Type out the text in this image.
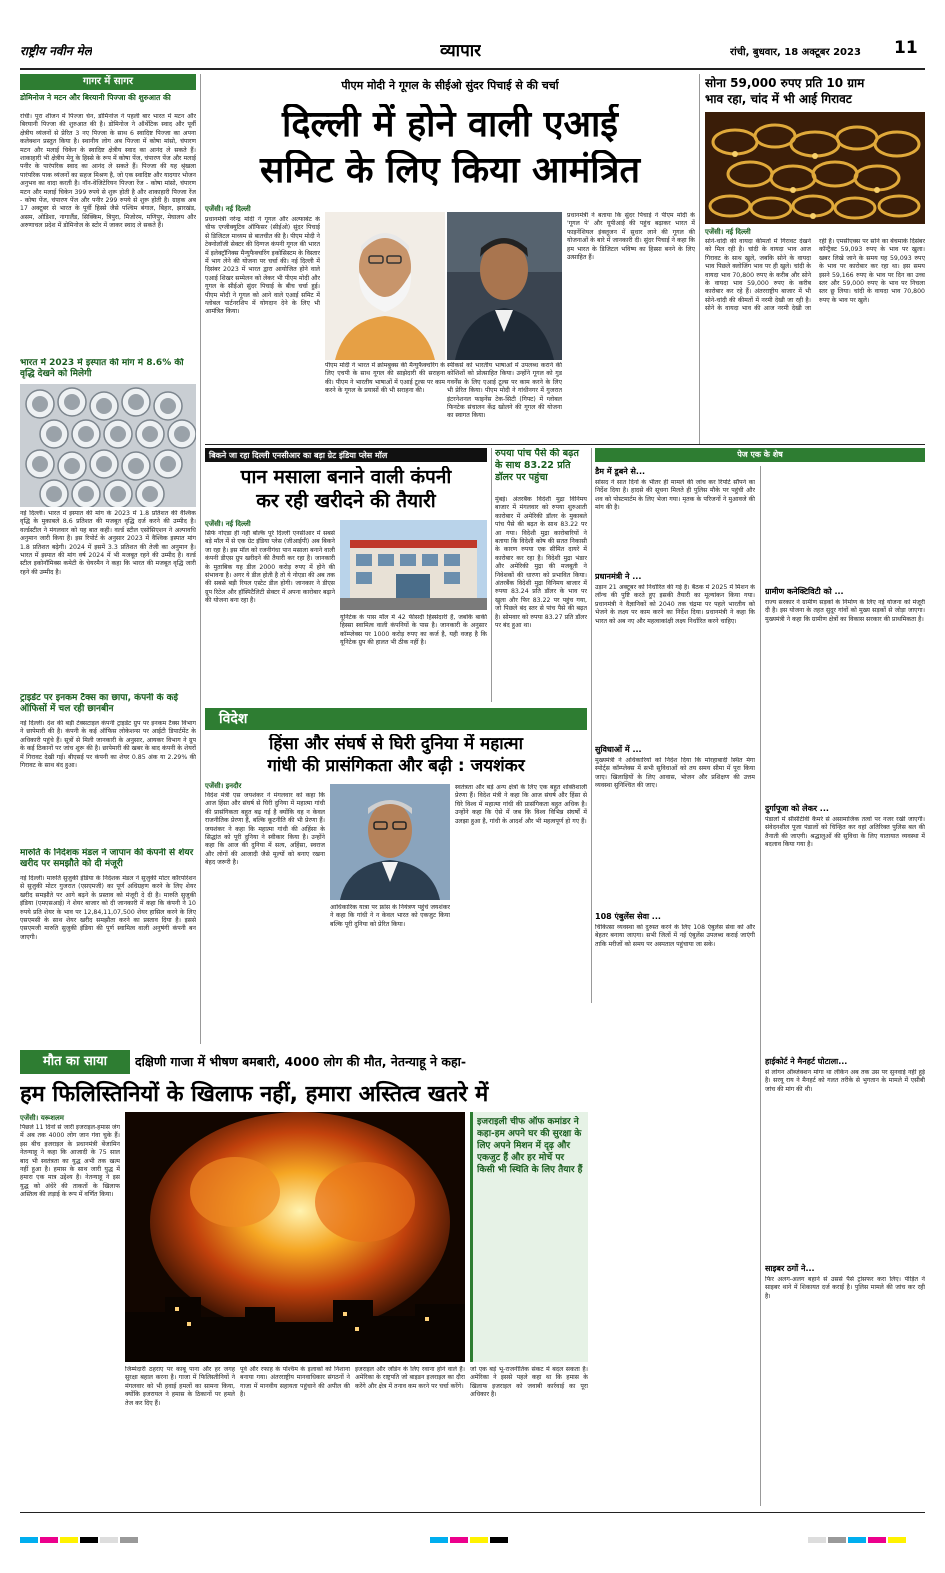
राष्ट्रीय नवीन मेल	व्यापार	रांची, बुधवार, 18 अक्टूबर 2023 11
गागर में सागर
डोमिनोज ने मटन और बिरयानी पिज्जा की शुरुआत की
रांची। पूरा शीजन में पिज्जा चेन, डोमिनोज ने पहली बार भारत में मटन और बिरयानी पिज्जा की शुरुआत की है। डोमिनोज ने ऑथेंटिक स्वाद और पूर्वी क्षेत्रीय व्यंजनों से प्रेरित 3 नए पिज्जा के साथ 6 स्वादिष्ट पिज्जा का अपना कलेक्शन प्रस्तुत किया है। स्थानीय लोग अब पिज्जा में कोषा मांसो, चंपारण मटन और मलाई चिकेन के स्वादिष्ट क्षेत्रीय स्वाद का आनंद ले सकते हैं। शाकाहारी भी क्षेत्रीय मेनू के हिस्से के रूप में कोषा पेंज, चंपारण पेंज और मलाई पनीर के पारंपरिक स्वाद का आनंद ले सकते हैं। पिज्जा की यह श्रृंखला पारंपरिक पाक व्यंजनों का सहज मिश्रण है, जो एक स्वादिष्ट और यादगार भोजन अनुभव का वादा करती है। नॉन-वेजिटेरियन पिज्जा रेंज - कोषा मांसो, चंपारण मटन और मलाई चिकेन 399 रुपये से शुरू होती है और शाकाहारी पिज्जा रेंज - कोषा पेंज, चंपारण पेंज और पनीर 299 रुपये से शुरू होती है। ग्राहक अब 17 अक्टूबर से भारत के पूर्वी हिस्से जैसे पश्चिम बंगाल, बिहार, झारखंड, असम, ओडिशा, नागालैंड, सिक्किम, त्रिपुरा, मिजोरम, मणिपुर, मेघालय और अरुणाचल प्रदेश में डोमिनोज के स्टोर में जाकर स्वाद ले सकते हैं।
भारत में 2023 में इस्पात की मांग में 8.6% की वृद्धि देखने को मिलेगी
नई दिल्ली। भारत में इस्पात की मांग के 2023 में 1.8 प्रतिशत की वैश्विक वृद्धि के मुकाबले 8.6 प्रतिशत की मजबूत वृद्धि दर्ज करने की उम्मीद है। वर्ल्डस्टील ने मंगलवार को यह बात कही। वर्ल्ड स्टील एसोसिएशन ने अल्पावधि अनुमान जारी किया है। इस रिपोर्ट के अनुसार 2023 में वैश्विक इस्पात मांग 1.8 प्रतिशत बढ़ेगी। 2024 में इसमें 3.3 प्रतिशत की तेजी का अनुमान है। भारत में इस्पात की मांग वर्ष 2024 में भी मजबूत रहने की उम्मीद है। वर्ल्ड स्टील इकोनॉमिक्स कमेटी के चेयरमैन ने कहा कि भारत की मजबूत वृद्धि जारी रहने की उम्मीद है।
ट्राइडेंट पर इनकम टैक्स का छापा, कंपनी के कई ऑफिसों में चल रही छानबीन
नई दिल्ली। देश की बड़ी टेक्सटाइल कंपनी ट्राइडेंट ग्रुप पर इनकम टैक्स विभाग ने छापेमारी की है। कंपनी के कई ऑफिस लोकेशन्स पर आईटी डिपार्टमेंट के अधिकारी पहुंचे हैं। सूत्रों से मिली जानकारी के अनुसार, आयकर विभाग ने ग्रुप के कई ठिकानों पर जांच शुरू की है। छापेमारी की खबर के बाद कंपनी के शेयरों में गिरावट देखी गई। बीएसई पर कंपनी का शेयर 0.85 अंक या 2.29% की गिरावट के साथ बंद हुआ।
मारुति के निदेशक मंडल ने जापान की कंपनी से शेयर खरीद पर समझौते को दी मंजूरी
नई दिल्ली। मारुति सुजुकी इंडिया के निदेशक मंडल ने सुजुकी मोटर कॉरपोरेशन से सुजुकी मोटर गुजरात (एसएमजी) का पूर्ण अधिग्रहण करने के लिए शेयर खरीद समझौते पर आगे बढ़ने के प्रस्ताव को मंजूरी दे दी है। मारुति सुजुकी इंडिया (एमएसआई) ने शेयर बाजार को दी जानकारी में कहा कि कंपनी ने 10 रुपये प्रति शेयर के भाव पर 12,84,11,07,500 शेयर हासिल करने के लिए एसएमसी के साथ शेयर खरीद समझौता करने का प्रस्ताव दिया है। इससे एसएमजी मारुति सुजुकी इंडिया की पूर्ण स्वामित्व वाली अनुषंगी कंपनी बन जाएगी।
पीएम मोदी ने गूगल के सीईओ सुंदर पिचाई से की चर्चा
दिल्ली में होने वाली एआई
समिट के लिए किया आमंत्रित
एजेंसी। नई दिल्ली
प्रधानमंत्री नरेन्द्र मोदी ने गूगल और अल्फाबेट के चीफ एग्जीक्यूटिव ऑफिसर (सीईओ) सुंदर पिचाई से डिजिटल माध्यम से बातचीत की है। पीएम मोदी ने टेक्नोलॉजी सेक्टर की दिग्गज कंपनी गूगल की भारत में इलेक्ट्रॉनिक्स मैन्युफैक्चरिंग इकोसिस्टम के विस्तार में भाग लेने की योजना पर चर्चा की। नई दिल्ली में दिसंबर 2023 में भारत द्वारा आयोजित होने वाले एआई शिखर सम्मेलन को लेकर भी पीएम मोदी और गूगल के सीईओ सुंदर पिचाई के बीच चर्चा हुई। पीएम मोदी ने गूगल को आने वाले एआई समिट में ग्लोबल पार्टनरशिप में योगदान देने के लिए भी आमंत्रित किया।
पीएम मोदी ने भारत में क्रोमबुक्स की मैन्युफैक्चरिंग के लिए एचपी के साथ गूगल की साझेदारी की सराहना की। पीएम ने भारतीय भाषाओं में एआई टूल्स पर काम करने के गूगल के प्रयासों की भी सराहना की।
स्पीकर्स को भारतीय भाषाओं में उपलब्ध कराने की कोशिशों को प्रोत्साहित किया। उन्होंने गूगल को गुड गवर्नेंस के लिए एआई टूल्स पर काम करने के लिए भी प्रेरित किया। पीएम मोदी ने गांधीनगर में गुजरात इंटरनेशनल फाइनेंस टेक-सिटी (गिफ्ट) में ग्लोबल फिनटेक संचालन केंद्र खोलने की गूगल की योजना का स्वागत किया।
प्रधानमंत्री ने बताया कि सुंदर पिचाई ने पीएम मोदी के 'गूगल पे' और यूपीआई की पहुंच बढ़ाकर भारत में फाइनेंशियल इंक्लूजन में सुधार लाने की गूगल की योजनाओं के बारे में जानकारी दी। सुंदर पिचाई ने कहा कि हम भारत के डिजिटल भविष्य का हिस्सा बनने के लिए उत्साहित हैं।
सोना 59,000 रुपए प्रति 10 ग्राम
भाव रहा, चांद में भी आई गिरावट
एजेंसी। नई दिल्ली
सोने-चांदी की वायदा कीमतों में गिरावट देखने को मिल रही है। चांदी के वायदा भाव आज गिरावट के साथ खुले, जबकि सोने के वायदा भाव पिछले क्लोजिंग भाव पर ही खुले। चांदी के वायदा भाव 70,800 रुपए के करीब और सोने के वायदा भाव 59,000 रुपए के करीब कारोबार कर रहे हैं। अंतरराष्ट्रीय बाजार में भी सोने-चांदी की कीमतों में नरमी देखी जा रही है। सोने के वायदा भाव की आज नरमी देखी जा रही है। एमसीएक्स पर सोने का बेंचमार्क दिसंबर कॉन्ट्रैक्ट 59,093 रुपए के भाव पर खुला। खबर लिखे जाने के समय यह 59,093 रुपए के भाव पर कारोबार कर रहा था। इस समय इसने 59,166 रुपए के भाव पर दिन का उच्च स्तर और 59,000 रुपए के भाव पर निचला स्तर छू लिया। चांदी के वायदा भाव 70,800 रुपए के भाव पर खुले।
बिकने जा रहा दिल्ली एनसीआर का बड़ा ग्रेट इंडिया प्लेस मॉल
पान मसाला बनाने वाली कंपनी
कर रही खरीदने की तैयारी
एजेंसी। नई दिल्ली
सिर्फ नोएडा ही नहीं बल्कि पूरे दिल्ली एनसीआर में सबसे बड़े मॉल में से एक ग्रेट इंडिया प्लेस (जीआईपी) अब बिकने जा रहा है। इस मॉल को रजनीगंधा पान मसाला बनाने वाली कंपनी डीएस ग्रुप खरीदने की तैयारी कर रहा है। जानकारी के मुताबिक यह डील 2000 करोड़ रुपए में होने की संभावना है। अगर ये डील होती है तो ये नोएडा की अब तक की सबसे बड़ी रियल एस्टेट डील होगी। जानकार ने डीएस ग्रुप रिटेल और हॉस्पिटैलिटी सेक्टर में अपना कारोबार बढ़ाने की योजना बना रहा है।
यूनिटेक के पास मॉल में 42 फीसदी हिस्सेदारी है, जबकि बाकी हिस्सा स्वामित्व वाली कंपनियों के पास है। जानकारी के अनुसार कॉम्प्लेक्स पर 1000 करोड़ रुपए का कर्ज है, यही वजह है कि यूनिटेक ग्रुप की हालत भी ठीक नहीं है।
रुपया पांच पैसे की बढ़त के साथ 83.22 प्रति डॉलर पर पहुंचा
मुंबई। अंतरबैंक विदेशी मुद्रा विनिमय बाजार में मंगलवार को रुपया शुरुआती कारोबार में अमेरिकी डॉलर के मुकाबले पांच पैसे की बढ़त के साथ 83.22 पर आ गया। विदेशी मुद्रा कारोबारियों ने बताया कि विदेशी कोष की सतत निकासी के कारण रुपया एक सीमित दायरे में कारोबार कर रहा है। विदेशी मुद्रा भंडार और अमेरिकी मुद्रा की मजबूती ने निवेशकों की धारणा को प्रभावित किया। अंतरबैंक विदेशी मुद्रा विनिमय बाजार में रुपया 83.24 प्रति डॉलर के भाव पर खुला और फिर 83.22 पर पहुंच गया, जो पिछले बंद स्तर से पांच पैसे की बढ़त है। सोमवार को रुपया 83.27 प्रति डॉलर पर बंद हुआ था।
विदेश
हिंसा और संघर्ष से घिरी दुनिया में महात्मा
गांधी की प्रासंगिकता और बढ़ी : जयशंकर
एजेंसी। इनदौर
विदेश मंत्री एस जयशंकर ने मंगलवार को कहा कि आज हिंसा और संघर्ष से घिरी दुनिया में महात्मा गांधी की प्रासंगिकता बहुत बढ़ गई है क्योंकि वह न केवल राजनीतिक प्रेरणा हैं, बल्कि कूटनीति की भी प्रेरणा हैं। जयशंकर ने कहा कि महात्मा गांधी की अहिंसा के सिद्धांत को पूरी दुनिया ने स्वीकार किया है। उन्होंने कहा कि आज की दुनिया में सत्य, अहिंसा, स्वराज और लोगों की आजादी जैसे मूल्यों को बनाए रखना बेहद जरूरी है।
आधिकारिक यात्रा पर फ्रांस के नियंत्रण पहुंचे जयशंकर ने कहा कि गांधी ने न केवल भारत को एकजुट किया बल्कि पूरी दुनिया को प्रेरित किया।
स्वतंत्रता और बड़े अन्य क्षेत्रों के लिए एक बहुत शक्तिशाली प्रेरणा हैं। विदेश मंत्री ने कहा कि आज संघर्ष और हिंसा से घिरे विश्व में महात्मा गांधी की प्रासंगिकता बहुत अधिक है। उन्होंने कहा कि ऐसे में जब कि विश्व विभिन्न संघर्षों में उलझा हुआ है, गांधी के आदर्श और भी महत्वपूर्ण हो गए हैं।
पेज एक के शेष
डैम में डूबने से...
सांसद ने सात दिनों के भीतर ही मामले की जांच कर रिपोर्ट सौंपने का निर्देश दिया है। हादसे की सूचना मिलते ही पुलिस मौके पर पहुंची और शव को पोस्टमार्टम के लिए भेजा गया। मृतक के परिजनों ने मुआवजे की मांग की है।
प्रधानमंत्री ने ...
उड़ान 21 अक्टूबर को निर्धारित की गई है। बैठक में 2025 में मिशन के लॉन्च की पुष्टि करते हुए इसकी तैयारी का मूल्यांकन किया गया। प्रधानमंत्री ने वैज्ञानिकों को 2040 तक चंद्रमा पर पहले भारतीय को भेजने के लक्ष्य पर काम करने का निर्देश दिया। प्रधानमंत्री ने कहा कि भारत को अब नए और महत्वाकांक्षी लक्ष्य निर्धारित करने चाहिए।
सुविधाओं में ...
मुख्यमंत्री ने अधिकारियों को निर्देश दिया कि मोरहाबादी स्थित मेगा स्पोर्ट्स कॉम्प्लेक्स में सभी सुविधाओं को तय समय सीमा में पूरा किया जाए। खिलाड़ियों के लिए आवास, भोजन और प्रशिक्षण की उत्तम व्यवस्था सुनिश्चित की जाए।
108 एंबुलेंस सेवा ...
चिकित्सा व्यवस्था को दुरुस्त करने के लिए 108 एंबुलेंस सेवा को और बेहतर बनाया जाएगा। सभी जिलों में नई एंबुलेंस उपलब्ध कराई जाएंगी ताकि मरीजों को समय पर अस्पताल पहुंचाया जा सके।
ग्रामीण कनेक्टिविटी को ...
राज्य सरकार ने ग्रामीण सड़कों के निर्माण के लिए नई योजना को मंजूरी दी है। इस योजना के तहत सुदूर गांवों को मुख्य सड़कों से जोड़ा जाएगा। मुख्यमंत्री ने कहा कि ग्रामीण क्षेत्रों का विकास सरकार की प्राथमिकता है।
दुर्गापूजा को लेकर ...
पंडालों में सीसीटीवी कैमरे से असामाजिक तत्वों पर नजर रखी जाएगी। संवेदनशील पूजा पंडालों को चिन्हित कर वहां अतिरिक्त पुलिस बल की तैनाती की जाएगी। श्रद्धालुओं की सुविधा के लिए यातायात व्यवस्था में बदलाव किया गया है।
हाईकोर्ट ने मैनहर्ट घोटाला...
से लोगन ऑब्जेक्शन मांगा था लेकिन अब तक उस पर सुनवाई नहीं हुई है। सरयू राय ने मैनहर्ट को गलत तरीके से भुगतान के मामले में एसीबी जांच की मांग की थी।
साइबर ठगों ने...
फिर अलग-अलग बहाने से उससे पैसे ट्रांसफर करा लिए। पीड़ित ने साइबर थाने में शिकायत दर्ज कराई है। पुलिस मामले की जांच कर रही है।
मौत का साया	दक्षिणी गाजा में भीषण बमबारी, 4000 लोग की मौत, नेतन्याहू ने कहा-
हम फिलिस्तिनियों के खिलाफ नहीं, हमारा अस्तित्व खतरे में
एजेंसी। यरूशलम
पिछले 11 दिनों से जारी इजराइल-हमास जंग में अब तक 4000 लोग जान गंवा चुके हैं। इस बीच इजराइल के प्रधानमंत्री बेंजामिन नेतन्याहू ने कहा कि आजादी के 75 साल बाद भी स्वतंत्रता का युद्ध अभी तक खत्म नहीं हुआ है। हमास के साथ जारी युद्ध में हमारा एक मात्र उद्देश्य है। नेतन्याहू ने इस युद्ध को अंधेरे की ताकतों के खिलाफ अस्तित्व की लड़ाई के रूप में वर्णित किया।
इजराइली चीफ ऑफ कमांडर ने कहा-हम अपने घर की सुरक्षा के लिए अपने मिशन में दृढ़ और एकजुट हैं और हर मोर्चे पर किसी भी स्थिति के लिए तैयार हैं
जो एक बड़े भू-राजनीतिक संकट में बदल सकता है। अमेरिका ने इससे पहले कहा था कि हमास के खिलाफ इजराइल को जवाबी कार्रवाई का पूरा अधिकार है।
जिम्मेदारी ठहराए पर काबू पाना और हर जगह सुरक्षा बहाल करना है। गाजा में फिलिस्तीनियों ने मंगलवार को भी हवाई हमलों का सामना किया, क्योंकि इजरायल ने हमास के ठिकानों पर हमले तेज कर दिए हैं।
पूर्व और रफाह के पश्चिम के इलाकों को निशाना बनाया गया। अंतरराष्ट्रीय मानवाधिकार संगठनों ने गाजा में मानवीय सहायता पहुंचाने की अपील की है।
इजराइल और जॉर्डन के लिए रवाना होने वाले हैं। अमेरिका के राष्ट्रपति जो बाइडन इजराइल का दौरा करेंगे और क्षेत्र में तनाव कम करने पर चर्चा करेंगे।
